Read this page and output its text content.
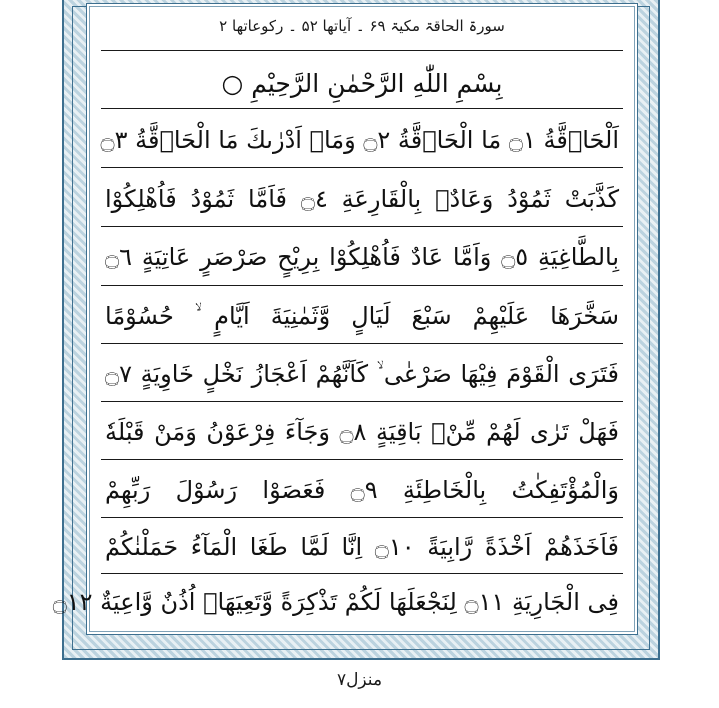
سورۃ الحاقۃ مکیۃ ۶۹ ۔ آیاتھا ۵۲ ۔ رکوعاتھا ۲
بِسْمِ اللّٰهِ الرَّحْمٰنِ الرَّحِيْمِ ○
اَلْحَاۤقَّةُ ۝١ مَا الْحَاۤقَّةُ ۝٢ وَمَاۤ اَدْرٰىكَ مَا الْحَاۤقَّةُ ۝٣
كَذَّبَتْ ثَمُوْدُ وَعَادٌۢ بِالْقَارِعَةِ ۝٤ فَاَمَّا ثَمُوْدُ فَاُهْلِكُوْا
بِالطَّاغِيَةِ ۝٥ وَاَمَّا عَادٌ فَاُهْلِكُوْا بِرِيْحٍ صَرْصَرٍ عَاتِيَةٍ ۝٦
سَخَّرَهَا عَلَيْهِمْ سَبْعَ لَيَالٍ وَّثَمٰنِيَةَ اَيَّامٍ ۙ حُسُوْمًا
فَتَرَى الْقَوْمَ فِيْهَا صَرْعٰى ۙ كَاَنَّهُمْ اَعْجَازُ نَخْلٍ خَاوِيَةٍ ۝٧
فَهَلْ تَرٰى لَهُمْ مِّنْۢ بَاقِيَةٍ ۝٨ وَجَآءَ فِرْعَوْنُ وَمَنْ قَبْلَهٗ
وَالْمُؤْتَفِكٰتُ بِالْخَاطِئَةِ ۝٩ فَعَصَوْا رَسُوْلَ رَبِّهِمْ
فَاَخَذَهُمْ اَخْذَةً رَّابِيَةً ۝١٠ اِنَّا لَمَّا طَغَا الْمَآءُ حَمَلْنٰكُمْ
فِى الْجَارِيَةِ ۝١١ لِنَجْعَلَهَا لَكُمْ تَذْكِرَةً وَّتَعِيَهَاۤ اُذُنٌ وَّاعِيَةٌ ۝١٢
منزل۷
